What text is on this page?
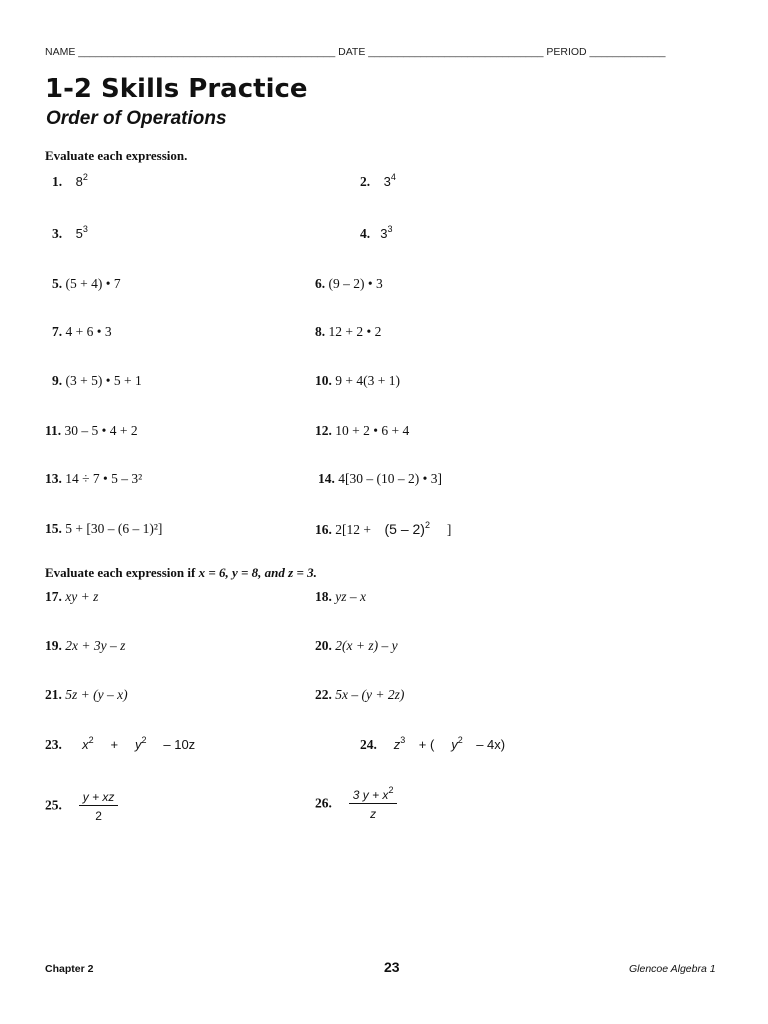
NAME ____________________________________________ DATE ______________________________ PERIOD _____________
1-2 Skills Practice
Order of Operations
Evaluate each expression.
1. $8^2$	2. $3^4$
3. $5^3$	4. $3^3$
5. (5 + 4) • 7	6. (9 – 2) • 3
7. 4 + 6 • 3	8. 12 + 2 • 2
9. (3 + 5) • 5 + 1	10. 9 + 4(3 + 1)
11. 30 – 5 • 4 + 2	12. 10 + 2 • 6 + 4
13. 14 ÷ 7 • 5 – 3²	14. 4[30 – (10 – 2) • 3]
15. 5 + [30 – (6 – 1)²]	16. 2[12 +    (5 – 2)$^2$ ]
Evaluate each expression if x = 6, y = 8, and z = 3.
17. xy + z	18. yz – x
19. 2x + 3y – z	20. 2(x + z) – y
21. 5z + (y – x)	22. 5x – (y + 2z)
23. $x^2 + y^2 - 10z$	24. $z^3$ + ( $y^2 - 4x$)
25. $\frac{y + xz}{2}$	26. $\frac{3 y + x^2}{z}$
Chapter 2	23	Glencoe Algebra 1
